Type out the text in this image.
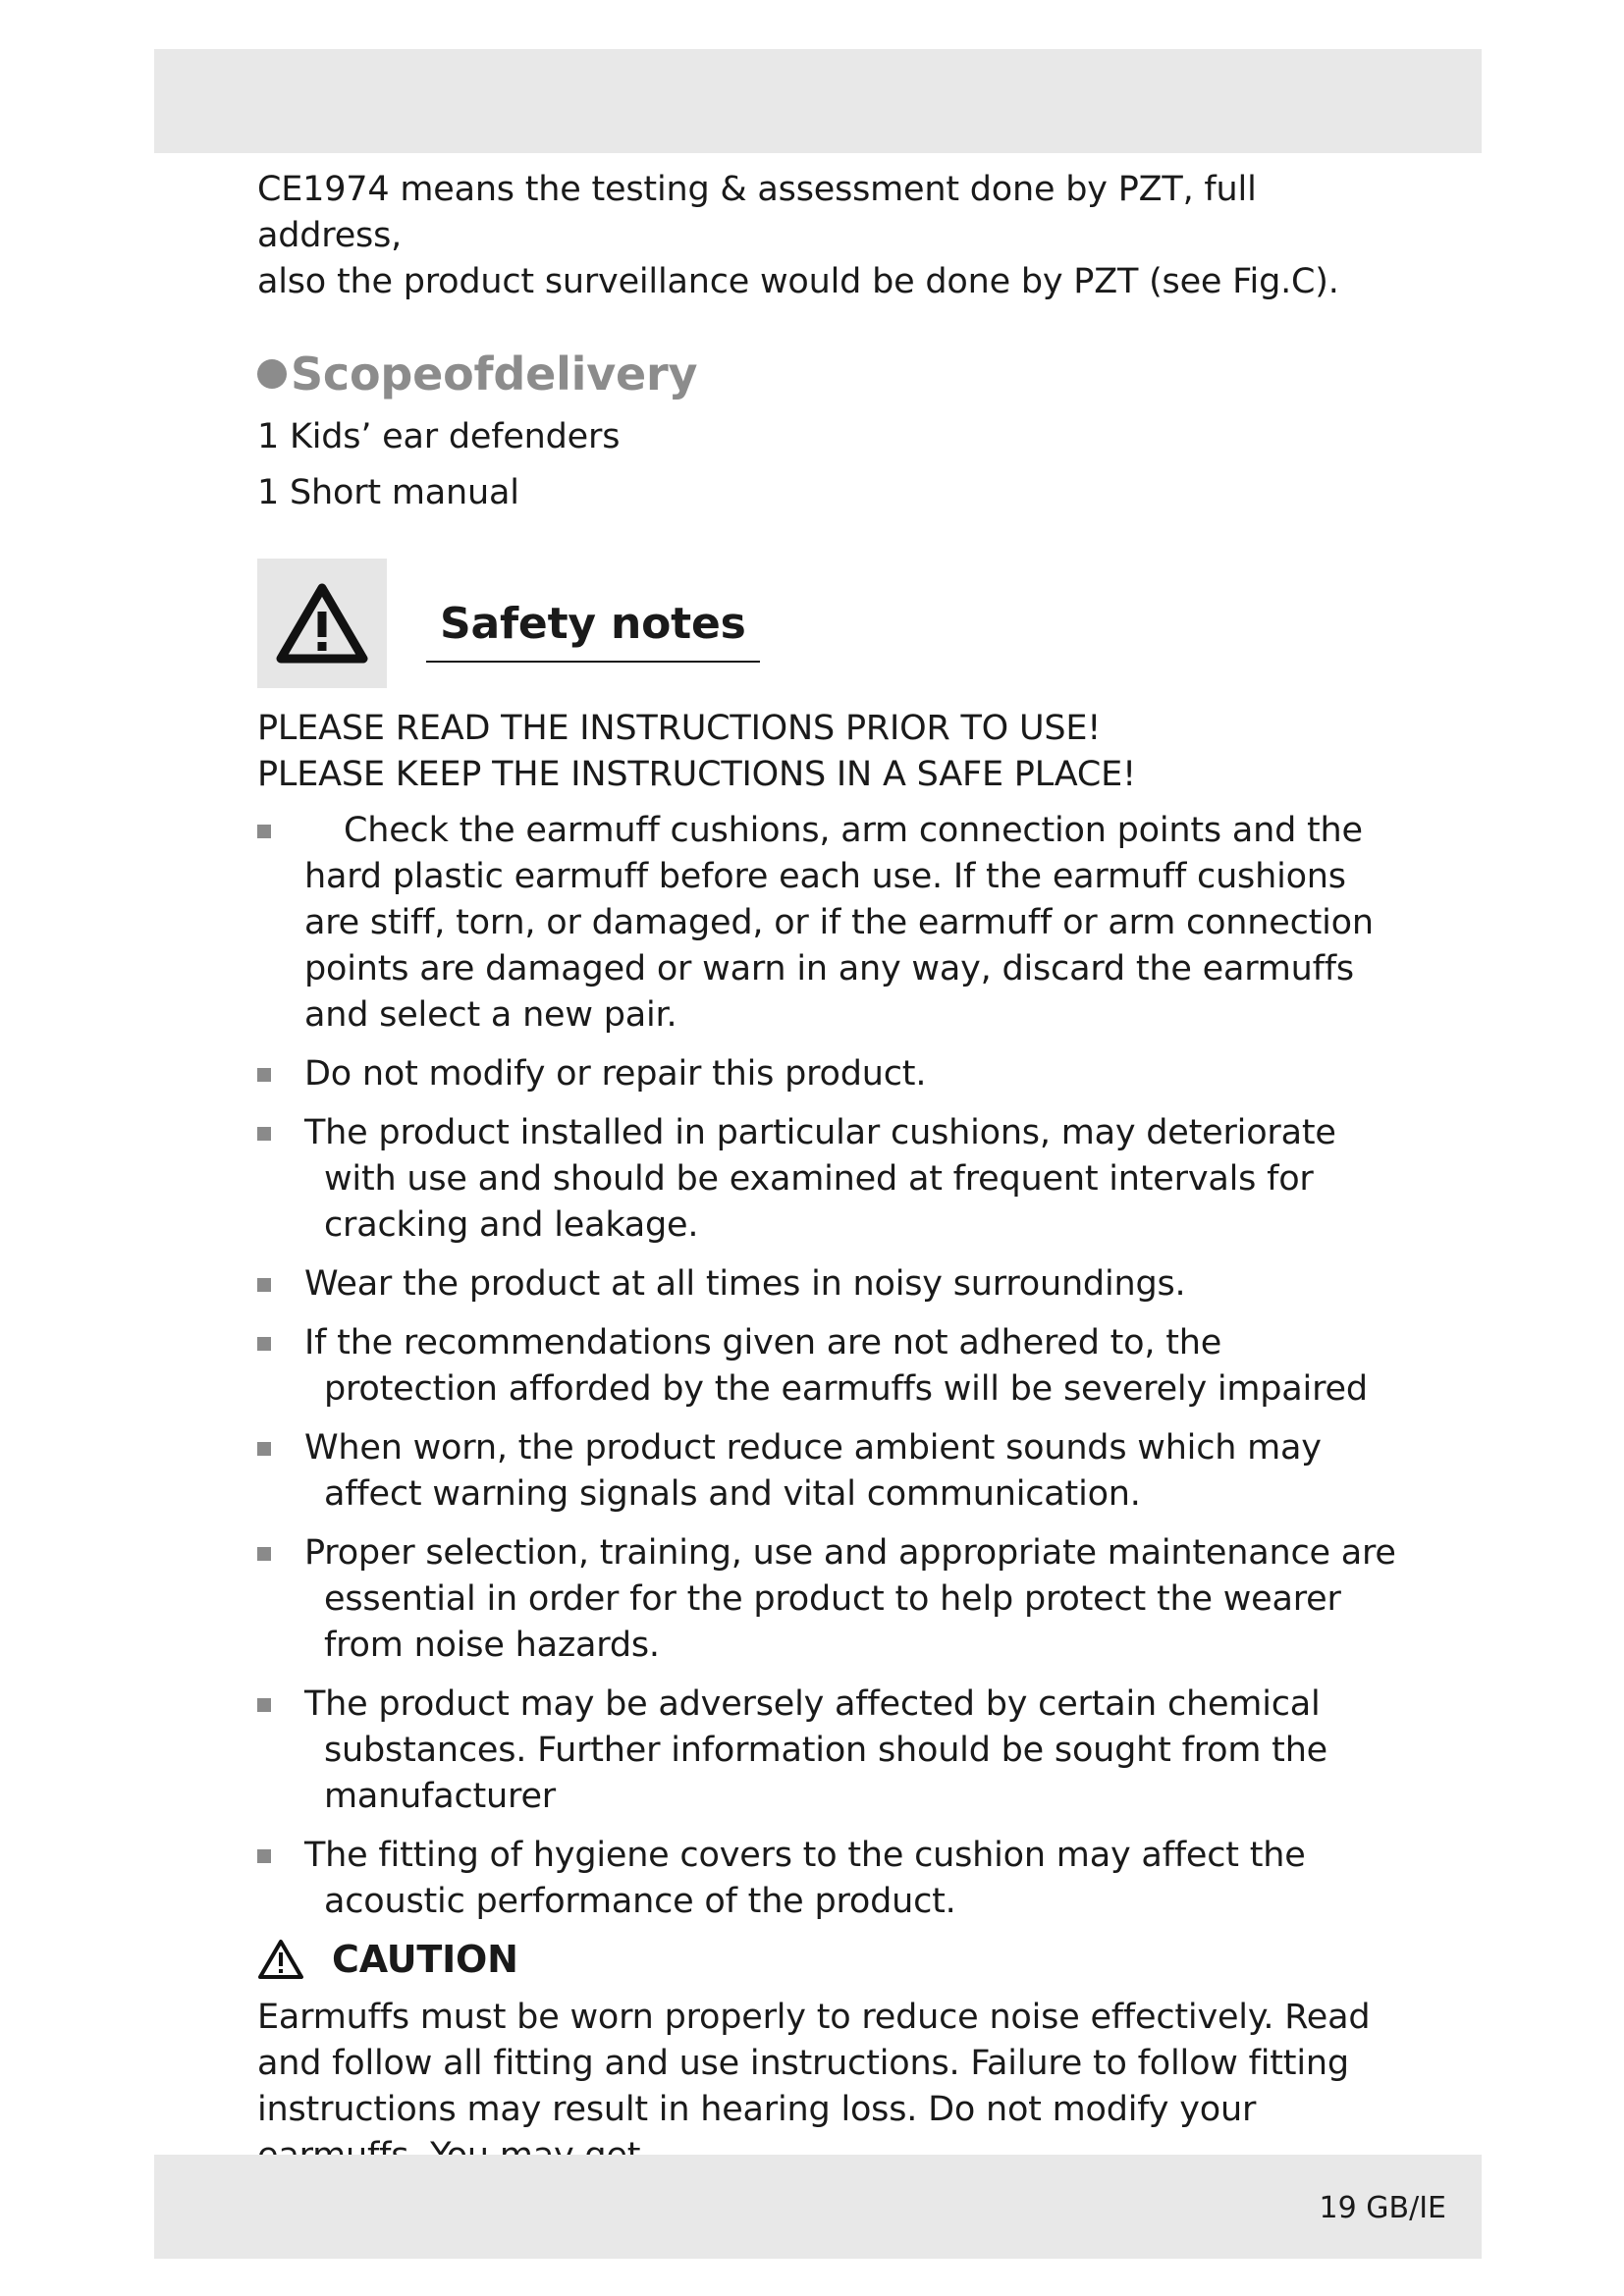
CE1974 means the testing & assessment done by PZT, full address,

also the product surveillance would be done by PZT (see Fig.C).

Scopeofdelivery
1 Kids’ ear defenders
1 Short manual
Safety notes

PLEASE READ THE INSTRUCTIONS PRIOR TO USE!

PLEASE KEEP THE INSTRUCTIONS IN A SAFE PLACE!

Check the earmuff cushions, arm connection points and the hard plastic earmuff before each use. If the earmuff cushions are stiff, torn, or damaged, or if the earmuff or arm connection points are damaged or warn in any way, discard the earmuffs and select a new pair.
Do not modify or repair this product.
The product installed in particular cushions, may deteriorate with use and should be examined at frequent intervals for cracking and leakage.
Wear the product at all times in noisy surroundings.
If the recommendations given are not adhered to, the protection afforded by the earmuffs will be severely impaired
When worn, the product reduce ambient sounds which may affect warning signals and vital communication.
Proper selection, training, use and appropriate maintenance are essential in order for the product to help protect the wearer from noise hazards.
The product may be adversely affected by certain chemical substances. Further information should be sought from the manufacturer
The fitting of hygiene covers to the cushion may affect the acoustic performance of the product.
CAUTION
Earmuffs must be worn properly to reduce noise effectively. Read and follow all fitting and use instructions. Failure to follow fitting instructions may result in hearing loss. Do not modify your
19 GB/IE
